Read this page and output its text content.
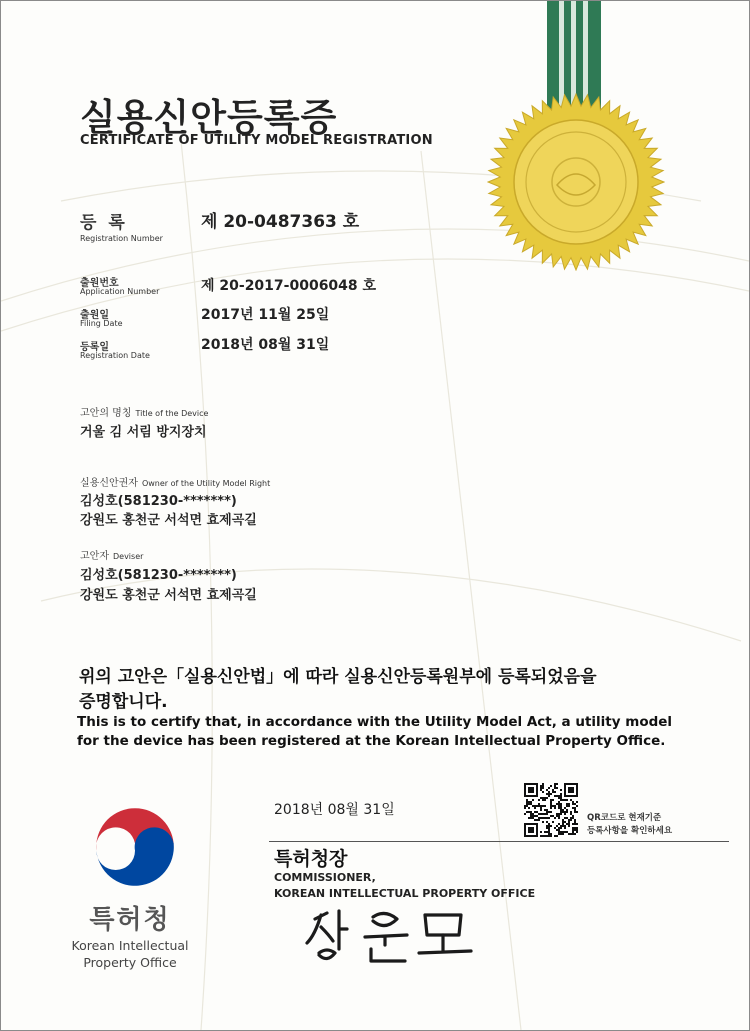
실용신안등록증
CERTIFICATE OF UTILITY MODEL REGISTRATION
등 록
Registration Number
제 20-0487363 호
출원번호
Application Number	제 20-2017-0006048 호
출원일
Filing Date
2017년 11월 25일
등록일
Registration Date
2018년 08월 31일
고안의 명칭 Title of the Device
거울 김 서림 방지장치
실용신안권자 Owner of the Utility Model Right
김성호(581230-*******)
강원도 홍천군 서석면 효제곡길
고안자 Deviser
김성호(581230-*******)
강원도 홍천군 서석면 효제곡길
위의 고안은「실용신안법」에 따라 실용신안등록원부에 등록되었음을
증명합니다.
This is to certify that, in accordance with the Utility Model Act, a utility model
for the device has been registered at the Korean Intellectual Property Office.
2018년 08월 31일	QR코드로 현재기준
등록사항을 확인하세요
특허청장
COMMISSIONER,
KOREAN INTELLECTUAL PROPERTY OFFICE
특허청
Korean Intellectual
Property Office
